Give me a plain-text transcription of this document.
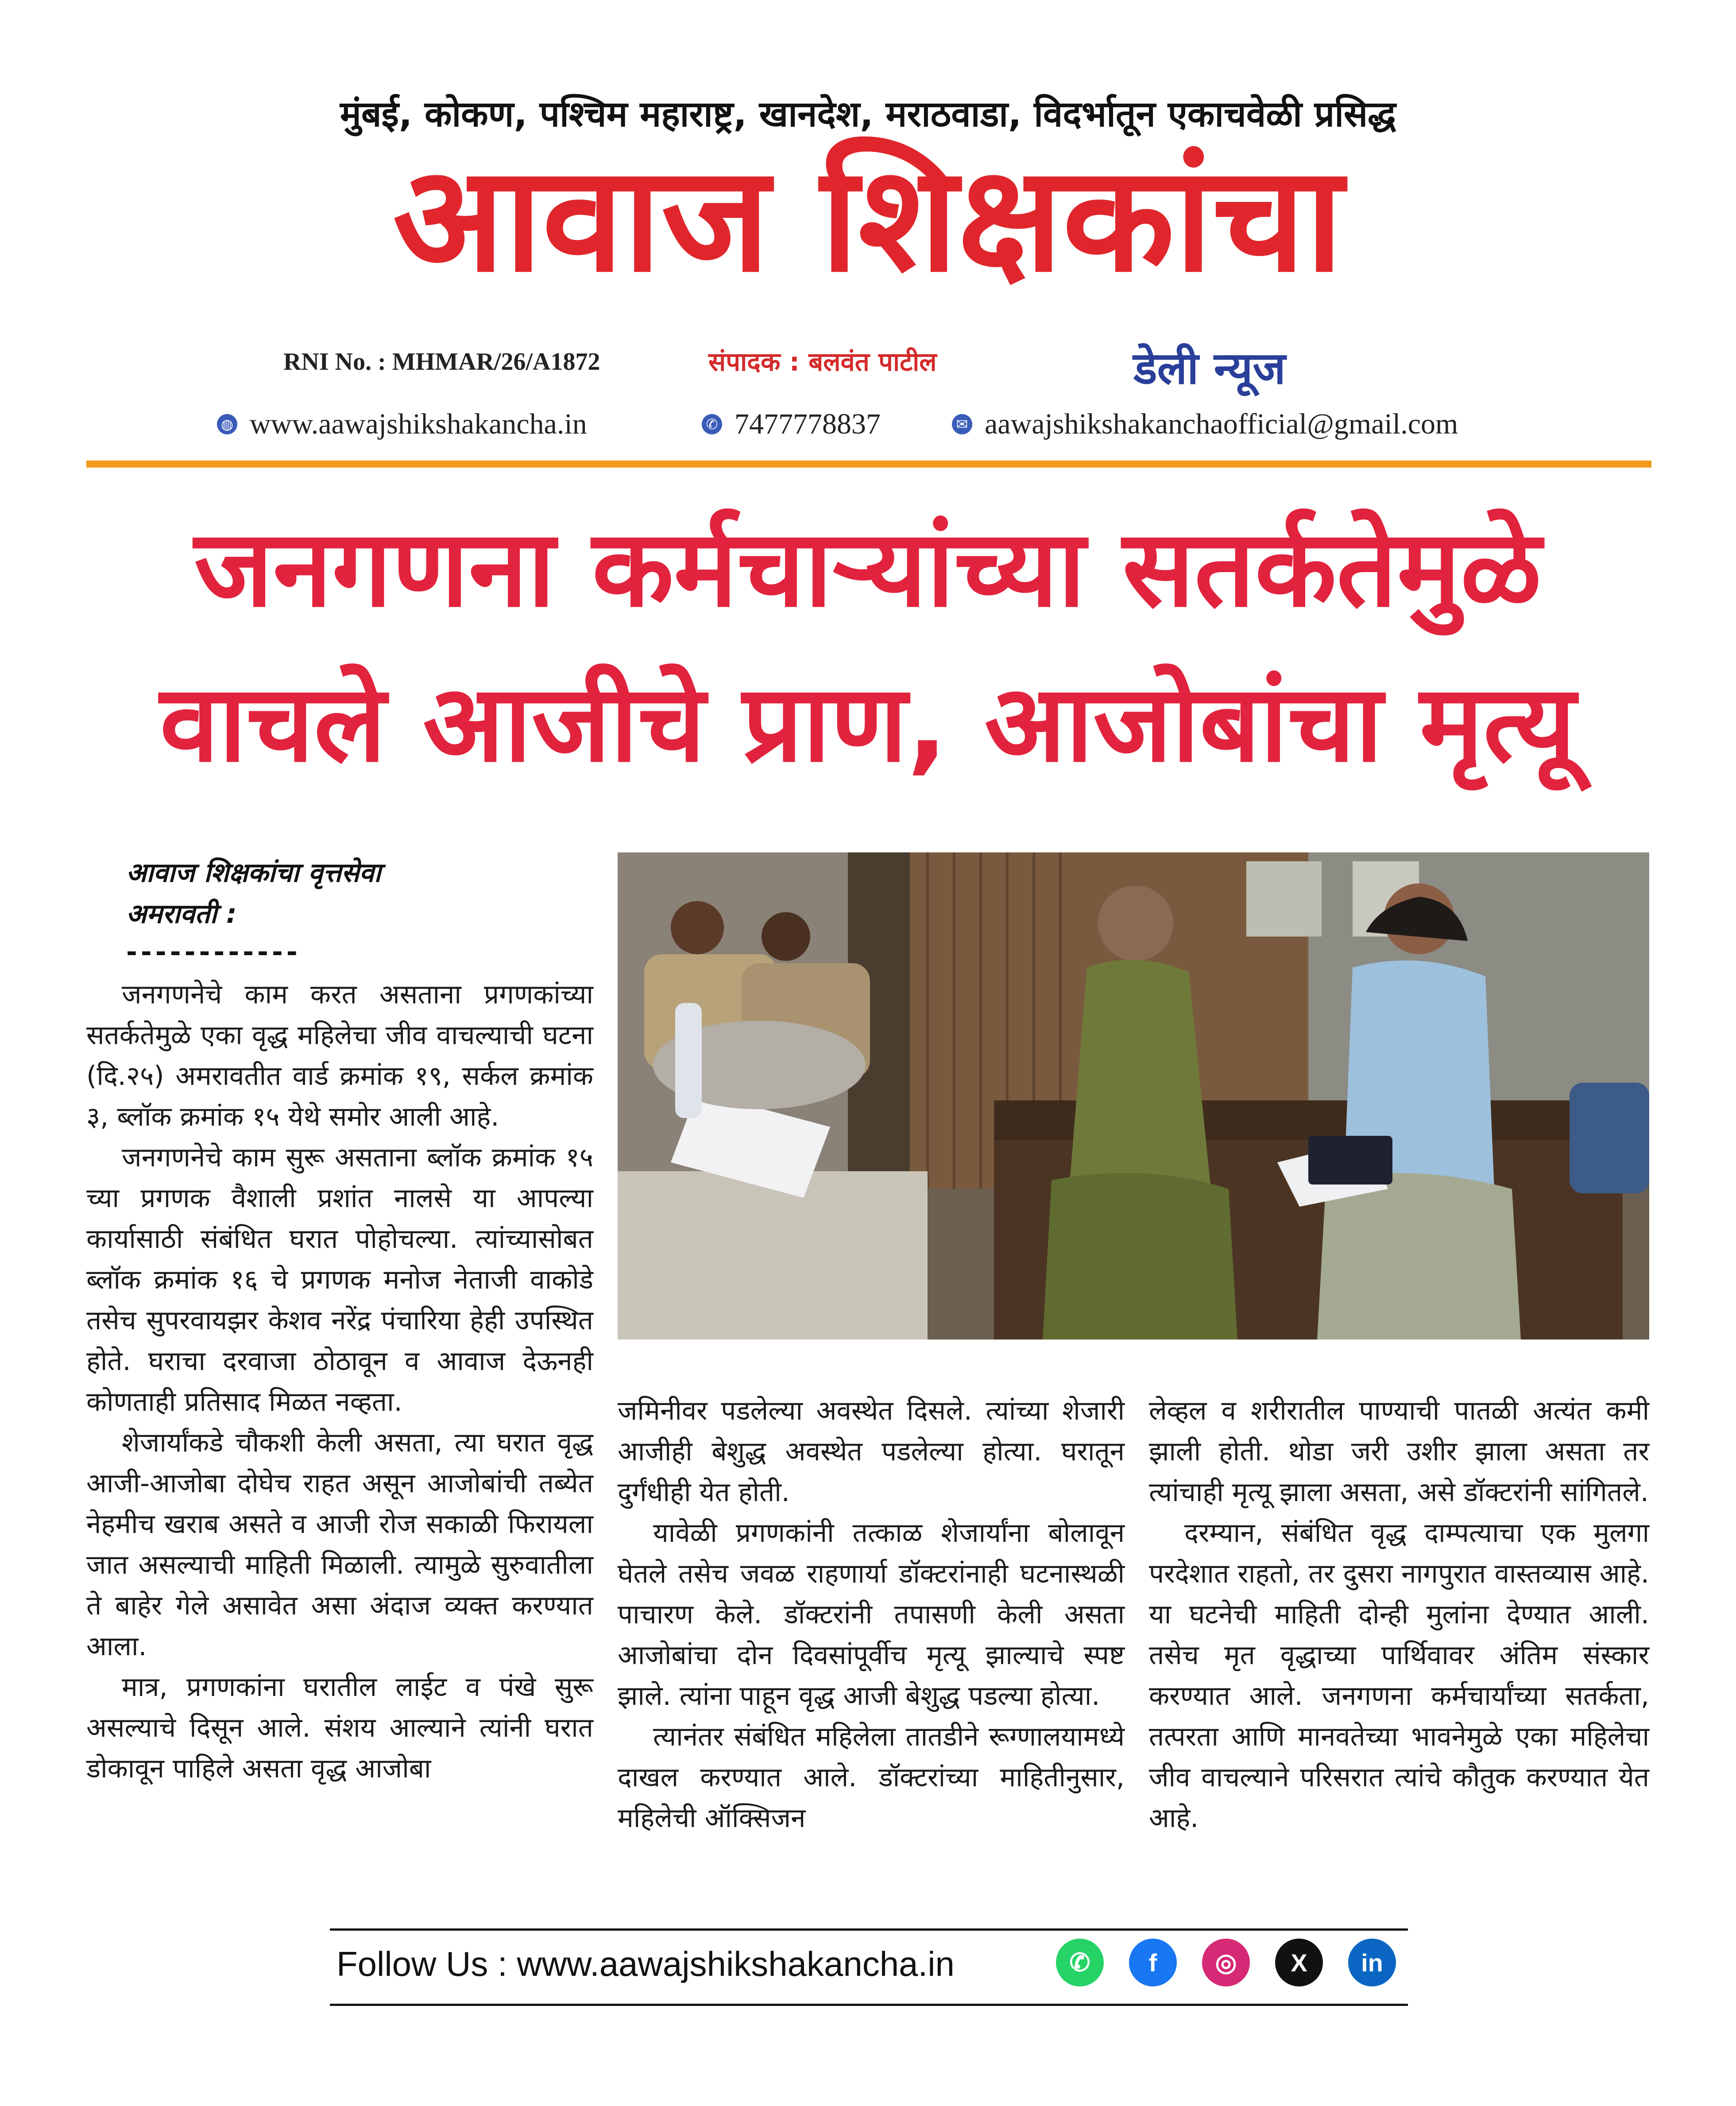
मुंबई, कोकण, पश्चिम महाराष्ट्र, खानदेश, मराठवाडा, विदर्भातून एकाचवेळी प्रसिद्ध
आवाज शिक्षकांचा
RNI No. : MHMAR/26/A1872	संपादक : बलवंत पाटील	डेली न्यूज
◍ www.aawajshikshakancha.in	✆ 7477778837	✉ aawajshikshakanchaofficial@gmail.com
जनगणना कर्मचाऱ्यांच्या सतर्कतेमुळे
वाचले आजीचे प्राण, आजोबांचा मृत्यू
आवाज शिक्षकांचा वृत्तसेवा
अमरावती :
------------

जनगणनेचे काम करत असताना प्रगणकांच्या सतर्कतेमुळे एका वृद्ध महिलेचा जीव वाचल्याची घटना (दि.२५) अमरावतीत वार्ड क्रमांक १९, सर्कल क्रमांक ३, ब्लॉक क्रमांक १५ येथे समोर आली आहे.

जनगणनेचे काम सुरू असताना ब्लॉक क्रमांक १५ च्या प्रगणक वैशाली प्रशांत नालसे या आपल्या कार्यासाठी संबंधित घरात पोहोचल्या. त्यांच्यासोबत ब्लॉक क्रमांक १६ चे प्रगणक मनोज नेताजी वाकोडे तसेच सुपरवायझर केशव नरेंद्र पंचारिया हेही उपस्थित होते. घराचा दरवाजा ठोठावून व आवाज देऊनही कोणताही प्रतिसाद मिळत नव्हता.

शेजार्यांकडे चौकशी केली असता, त्या घरात वृद्ध आजी-आजोबा दोघेच राहत असून आजोबांची तब्येत नेहमीच खराब असते व आजी रोज सकाळी फिरायला जात असल्याची माहिती मिळाली. त्यामुळे सुरुवातीला ते बाहेर गेले असावेत असा अंदाज व्यक्त करण्यात आला.

मात्र, प्रगणकांना घरातील लाईट व पंखे सुरू असल्याचे दिसून आले. संशय आल्याने त्यांनी घरात डोकावून पाहिले असता वृद्ध आजोबा

जमिनीवर पडलेल्या अवस्थेत दिसले. त्यांच्या शेजारी आजीही बेशुद्ध अवस्थेत पडलेल्या होत्या. घरातून दुर्गंधीही येत होती.

यावेळी प्रगणकांनी तत्काळ शेजार्यांना बोलावून घेतले तसेच जवळ राहणार्या डॉक्टरांनाही घटनास्थळी पाचारण केले. डॉक्टरांनी तपासणी केली असता आजोबांचा दोन दिवसांपूर्वीच मृत्यू झाल्याचे स्पष्ट झाले. त्यांना पाहून वृद्ध आजी बेशुद्ध पडल्या होत्या.

त्यानंतर संबंधित महिलेला तातडीने रूग्णालयामध्ये दाखल करण्यात आले. डॉक्टरांच्या माहितीनुसार, महिलेची ऑक्सिजन

लेव्हल व शरीरातील पाण्याची पातळी अत्यंत कमी झाली होती. थोडा जरी उशीर झाला असता तर त्यांचाही मृत्यू झाला असता, असे डॉक्टरांनी सांगितले.

दरम्यान, संबंधित वृद्ध दाम्पत्याचा एक मुलगा परदेशात राहतो, तर दुसरा नागपुरात वास्तव्यास आहे. या घटनेची माहिती दोन्ही मुलांना देण्यात आली. तसेच मृत वृद्धाच्या पार्थिवावर अंतिम संस्कार करण्यात आले. जनगणना कर्मचार्यांच्या सतर्कता, तत्परता आणि मानवतेच्या भावनेमुळे एका महिलेचा जीव वाचल्याने परिसरात त्यांचे कौतुक करण्यात येत आहे.

Follow Us : www.aawajshikshakancha.in	✆	f	◎	X	in
